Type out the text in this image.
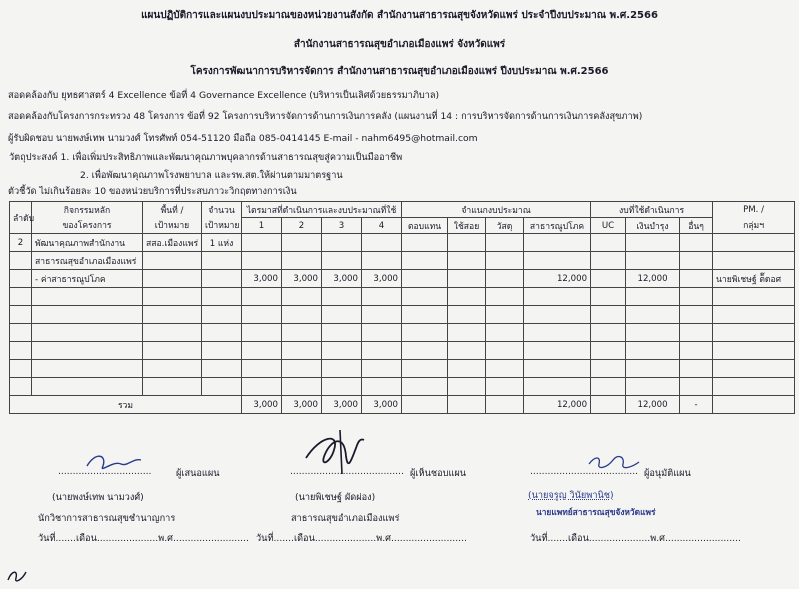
แผนปฏิบัติการและแผนงบประมาณของหน่วยงานสังกัด สำนักงานสาธารณสุขจังหวัดแพร่ ประจำปีงบประมาณ พ.ศ.2566
สำนักงานสาธารณสุขอำเภอเมืองแพร่ จังหวัดแพร่
โครงการพัฒนาการบริหารจัดการ สำนักงานสาธารณสุขอำเภอเมืองแพร่ ปีงบประมาณ พ.ศ.2566
สอดคล้องกับ ยุทธศาสตร์ 4 Excellence ข้อที่ 4 Governance Excellence (บริหารเป็นเลิศด้วยธรรมาภิบาล)
สอดคล้องกับโครงการกระทรวง 48 โครงการ ข้อที่ 92 โครงการบริหารจัดการด้านการเงินการคลัง (แผนงานที่ 14 : การบริหารจัดการด้านการเงินการคลังสุขภาพ)
ผู้รับผิดชอบ นายพงษ์เทพ นามวงศ์ โทรศัพท์ 054-51120 มือถือ 085-0414145 E-mail - nahm6495@hotmail.com
วัตถุประสงค์ 1. เพื่อเพิ่มประสิทธิภาพและพัฒนาคุณภาพบุคลากรด้านสาธารณสุขสู่ความเป็นมืออาชีพ
2. เพื่อพัฒนาคุณภาพโรงพยาบาล และรพ.สต.ให้ผ่านตามมาตรฐาน
ตัวชี้วัด ไม่เกินร้อยละ 10 ของหน่วยบริการที่ประสบภาวะวิกฤตทางการเงิน
ลำดับ	กิจกรรมหลัก	พื้นที่ /	จำนวน	ไตรมาสที่ดำเนินการและงบประมาณที่ใช้				จำแนกงบประมาณ				งบที่ใช้ดำเนินการ			PM. /
	ของโครงการ	เป้าหมาย	เป้าหมาย	1	2	3	4	ตอบแทน	ใช้สอย	วัสดุ	สาธารณูปโภค	UC	เงินบำรุง	อื่นๆ	กลุ่มฯ
2	พัฒนาคุณภาพสำนักงาน	สสอ.เมืองแพร่	1 แห่ง												
	สาธารณสุขอำเภอเมืองแพร่														
	- ค่าสาธารณูปโภค			3,000	3,000	3,000	3,000				12,000		12,000		นายพิเชษฐ์ ต็๊ดอศ

รวม				3,000	3,000	3,000	3,000				12,000		12,000	-	
................................	ผู้เสนอแผน
(นายพงษ์เทพ นามวงศ์)
นักวิชาการสาธารณสุขชำนาญการ
วันที่.......เดือน.....................พ.ศ..........................
....................................... ผู้เห็นชอบแผน
(นายพิเชษฐ์ ผัดผ่อง)
สาธารณสุขอำเภอเมืองแพร่
วันที่.......เดือน.....................พ.ศ..........................
..................................... ผู้อนุมัติแผน
(นายจรูญ วินัยพานิช)
นายแพทย์สาธารณสุขจังหวัดแพร่
วันที่.......เดือน.....................พ.ศ..........................
